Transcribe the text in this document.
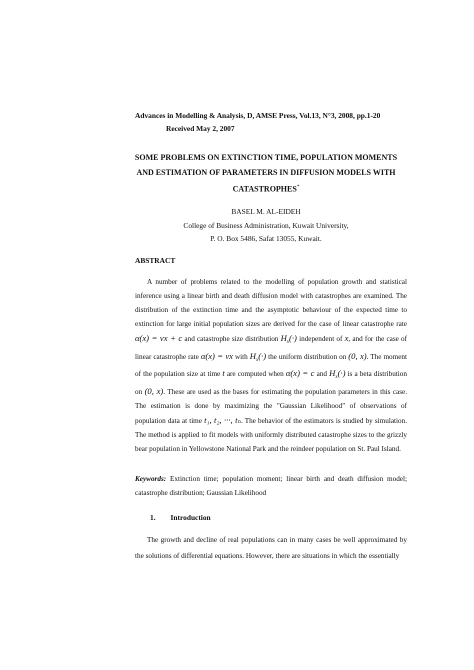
Advances in Modelling & Analysis, D, AMSE Press, Vol.13, N°3, 2008, pp.1-20
Received May 2, 2007
SOME PROBLEMS ON EXTINCTION TIME, POPULATION MOMENTS
AND ESTIMATION OF PARAMETERS IN DIFFUSION MODELS WITH
CATASTROPHES*
BASEL M. AL-EIDEH
College of Business Administration, Kuwait University,
P. O. Box 5486, Safat 13055, Kuwait.
ABSTRACT

A number of problems related to the modelling of population growth and statistical inference using a linear birth and death diffusion model with catastrophes are examined. The distribution of the extinction time and the asymptotic behaviour of the expected time to extinction for large initial population sizes are derived for the case of linear catastrophe rate α(x) = vx + c and catastrophe size distribution $H_x(\cdot)$ independent of x, and for the case of linear catastrophe rate α(x) = vx with $H_x(\cdot)$ the uniform distribution on (0, x). The moment of the population size at time t are computed when α(x) = c and $H_x(\cdot)$ is a beta distribution on (0, x). These are used as the bases for estimating the population parameters in this case. The estimation is done by maximizing the "Gaussian Likelihood" of observations of population data at time t₁, t₂, ···, tₙ. The behavior of the estimators is studied by simulation. The method is applied to fit models with uniformly distributed catastrophe sizes to the grizzly bear population in Yellowstone National Park and the reindeer population on St. Paul Island.

Keywords: Extinction time; population moment; linear birth and death diffusion model; catastrophe distribution; Gaussian Likelihood
1. Introduction

The growth and decline of real populations can in many cases be well approximated by the solutions of differential equations. However, there are situations in which the essentially
